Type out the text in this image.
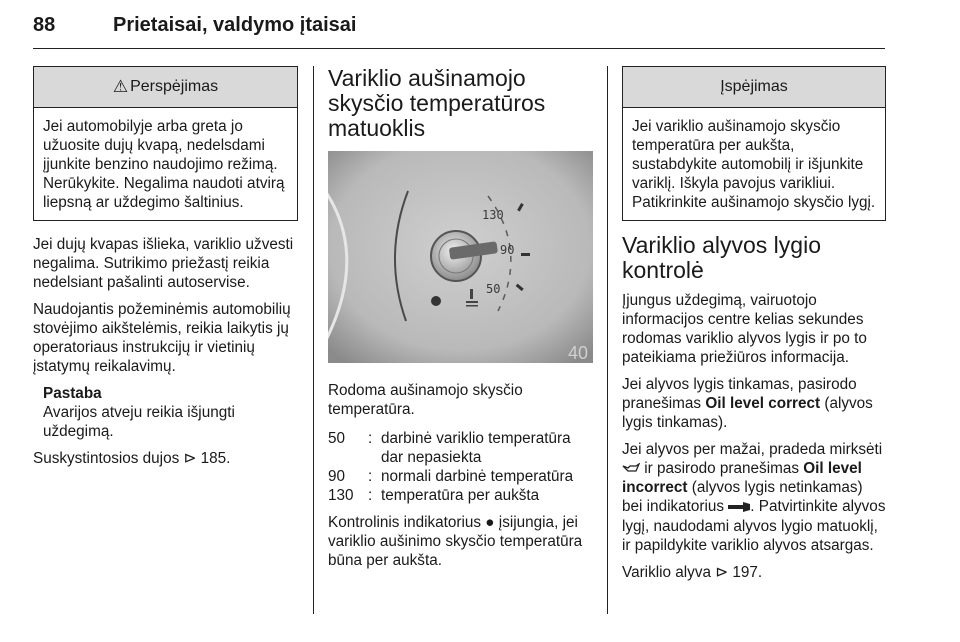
88	Prietaisai, valdymo įtaisai
⚠ Perspėjimas
Jei automobilyje arba greta jo užuosite dujų kvapą, nedelsdami įjunkite benzino naudojimo režimą. Nerūkykite. Negalima naudoti atvirą liepsną ar uždegimo šaltinius.

Jei dujų kvapas išlieka, variklio užvesti negalima. Sutrikimo priežastį reikia nedelsiant pašalinti autoservise.

Naudojantis požeminėmis automobilių stovėjimo aikštelėmis, reikia laikytis jų operatoriaus instrukcijų ir vietinių įstatymų reikalavimų.

Pastaba

Avarijos atveju reikia išjungti uždegimą.

Suskystintosios dujos ⊳ 185.

Variklio aušinamojo skysčio temperatūros matuoklis
130
90
50
40

Rodoma aušinamojo skysčio temperatūra.

50	:	darbinė variklio temperatūra dar nepasiekta
90	:	normali darbinė temperatūra
130	:	temperatūra per aukšta

Kontrolinis indikatorius ● įsijungia, jei variklio aušinimo skysčio temperatūra būna per aukšta.

Įspėjimas
Jei variklio aušinamojo skysčio temperatūra per aukšta, sustabdykite automobilį ir išjunkite variklį. Iškyla pavojus varikliui. Patikrinkite aušinamojo skysčio lygį.
Variklio alyvos lygio kontrolė

Įjungus uždegimą, vairuotojo informacijos centre kelias sekundes rodomas variklio alyvos lygis ir po to pateikiama priežiūros informacija.

Jei alyvos lygis tinkamas, pasirodo pranešimas Oil level correct (alyvos lygis tinkamas).

Jei alyvos per mažai, pradeda mirksėti  ir pasirodo pranešimas Oil level incorrect (alyvos lygis netinkamas) bei indikatorius . Patvirtinkite alyvos lygį, naudodami alyvos lygio matuoklį, ir papildykite variklio alyvos atsargas.

Variklio alyva ⊳ 197.
